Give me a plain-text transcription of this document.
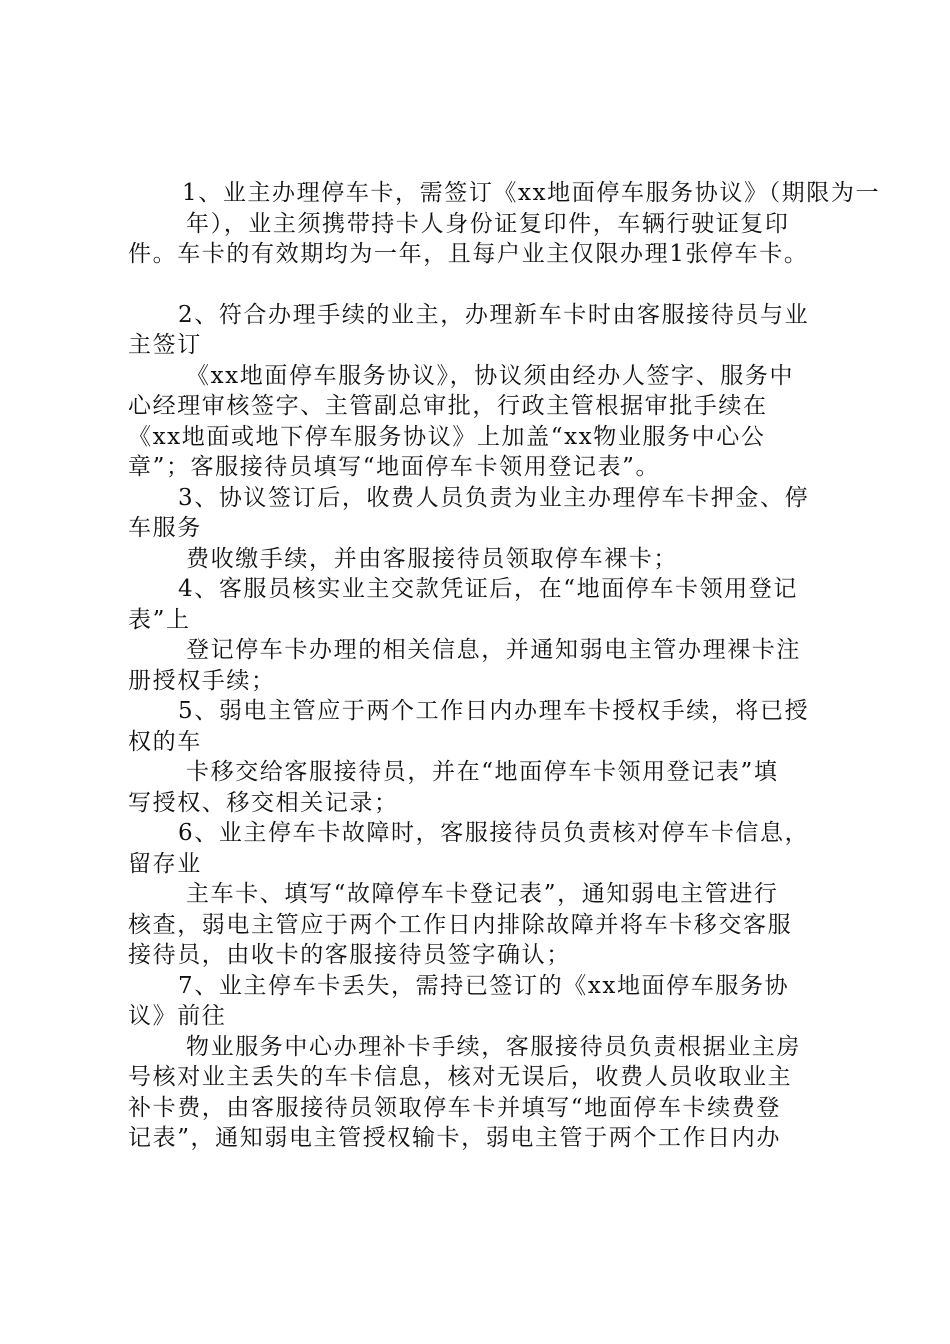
1、业主办理停车卡，需签订《xx地面停车服务协议》（期限为一
年），业主须携带持卡人身份证复印件，车辆行驶证复印
件。车卡的有效期均为一年，且每户业主仅限办理1张停车卡。
2、符合办理手续的业主，办理新车卡时由客服接待员与业
主签订
《xx地面停车服务协议》，协议须由经办人签字、服务中
心经理审核签字、主管副总审批，行政主管根据审批手续在
《xx地面或地下停车服务协议》上加盖“xx物业服务中心公
章”；客服接待员填写“地面停车卡领用登记表”。
3、协议签订后，收费人员负责为业主办理停车卡押金、停
车服务
费收缴手续，并由客服接待员领取停车裸卡；
4、客服员核实业主交款凭证后，在“地面停车卡领用登记
表”上
登记停车卡办理的相关信息，并通知弱电主管办理裸卡注
册授权手续；
5、弱电主管应于两个工作日内办理车卡授权手续，将已授
权的车
卡移交给客服接待员，并在“地面停车卡领用登记表”填
写授权、移交相关记录；
6、业主停车卡故障时，客服接待员负责核对停车卡信息，
留存业
主车卡、填写“故障停车卡登记表”，通知弱电主管进行
核查，弱电主管应于两个工作日内排除故障并将车卡移交客服
接待员，由收卡的客服接待员签字确认；
7、业主停车卡丢失，需持已签订的《xx地面停车服务协
议》前往
物业服务中心办理补卡手续，客服接待员负责根据业主房
号核对业主丢失的车卡信息，核对无误后，收费人员收取业主
补卡费，由客服接待员领取停车卡并填写“地面停车卡续费登
记表”，通知弱电主管授权输卡，弱电主管于两个工作日内办
